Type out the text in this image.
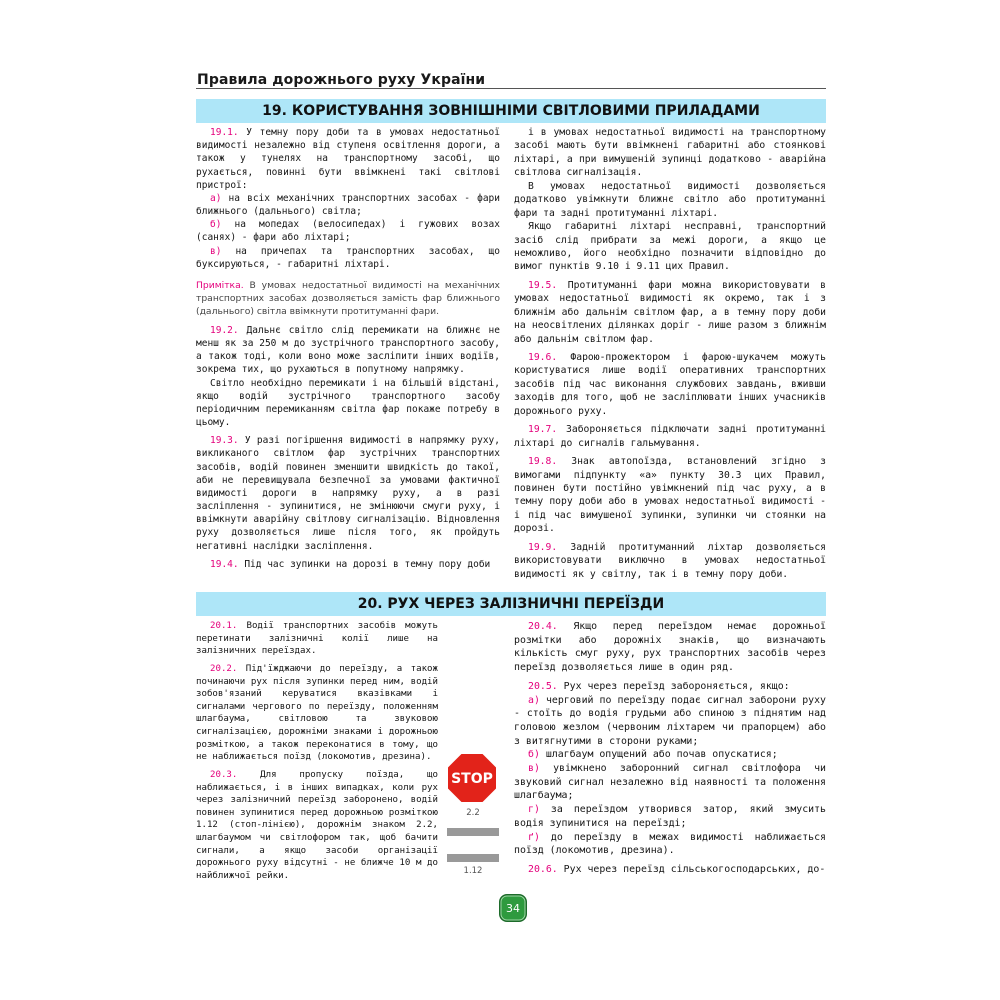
Правила дорожнього руху України
19. КОРИСТУВАННЯ ЗОВНІШНІМИ СВІТЛОВИМИ ПРИЛАДАМИ

19.1. У темну пору доби та в умовах недостатньої видимості незалежно від ступеня освітлення дороги, а також у тунелях на транспортному засобі, що рухається, повинні бути ввімкнені такі світлові пристрої:

а) на всіх механічних транспортних засобах - фари ближнього (дальнього) світла;

б) на мопедах (велосипедах) і гужових возах (санях) - фари або ліхтарі;

в) на причепах та транспортних засобах, що буксируються, - габаритні ліхтарі.

Примітка. В умовах недостатньої видимості на механічних транспортних засобах дозволяється замість фар ближнього (дальнього) світла ввімкнути протитуманні фари.

19.2. Дальнє світло слід перемикати на ближнє не менш як за 250 м до зустрічного транспортного засобу, а також тоді, коли воно може засліпити інших водіїв, зокрема тих, що рухаються в попутному напрямку.

Світло необхідно перемикати і на більшій відстані, якщо водій зустрічного транспортного засобу періодичним перемиканням світла фар покаже потребу в цьому.

19.3. У разі погіршення видимості в напрямку руху, викликаного світлом фар зустрічних транспортних засобів, водій повинен зменшити швидкість до такої, аби не перевищувала безпечної за умовами фактичної видимості дороги в напрямку руху, а в разі засліплення - зупинитися, не змінюючи смуги руху, і ввімкнути аварійну світлову сигналізацію. Відновлення руху дозволяється лише після того, як пройдуть негативні наслідки засліплення.

19.4. Під час зупинки на дорозі в темну пору доби

і в умовах недостатньої видимості на транспортному засобі мають бути ввімкнені габаритні або стоянкові ліхтарі, а при вимушеній зупинці додатково - аварійна світлова сигналізація.

В умовах недостатньої видимості дозволяється додатково увімкнути ближнє світло або протитуманні фари та задні протитуманні ліхтарі.

Якщо габаритні ліхтарі несправні, транспортний засіб слід прибрати за межі дороги, а якщо це неможливо, його необхідно позначити відповідно до вимог пунктів 9.10 і 9.11 цих Правил.

19.5. Протитуманні фари можна використовувати в умовах недостатньої видимості як окремо, так і з ближнім або дальнім світлом фар, а в темну пору доби на неосвітлених ділянках доріг - лише разом з ближнім або дальнім світлом фар.

19.6. Фарою-прожектором і фарою-шукачем можуть користуватися лише водії оперативних транспортних засобів під час виконання службових завдань, вживши заходів для того, щоб не засліплювати інших учасників дорожнього руху.

19.7. Забороняється підключати задні протитуманні ліхтарі до сигналів гальмування.

19.8. Знак автопоїзда, встановлений згідно з вимогами підпункту «а» пункту 30.3 цих Правил, повинен бути постійно увімкнений під час руху, а в темну пору доби або в умовах недостатньої видимості - і під час вимушеної зупинки, зупинки чи стоянки на дорозі.

19.9. Задній протитуманний ліхтар дозволяється використовувати виключно в умовах недостатньої видимості як у світлу, так і в темну пору доби.

20. РУХ ЧЕРЕЗ ЗАЛІЗНИЧНІ ПЕРЕЇЗДИ

20.1. Водії транспортних засобів можуть перетинати залізничні колії лише на залізничних переїздах.

20.2. Під'їжджаючи до переїзду, а також починаючи рух після зупинки перед ним, водій зобов'язаний керуватися вказівками і сигналами чергового по переїзду, положенням шлагбаума, світловою та звуковою сигналізацією, дорожніми знаками і дорожньою розміткою, а також переконатися в тому, що не наближається поїзд (локомотив, дрезина).

20.3. Для пропуску поїзда, що наближається, і в інших випадках, коли рух через залізничний переїзд заборонено, водій повинен зупинитися перед дорожньою розміткою 1.12 (стоп-лінією), дорожнім знаком 2.2, шлагбаумом чи світлофором так, щоб бачити сигнали, а якщо засоби організації дорожнього руху відсутні - не ближче 10 м до найближчої рейки.

20.4. Якщо перед переїздом немає дорожньої розмітки або дорожніх знаків, що визначають кількість смуг руху, рух транспортних засобів через переїзд дозволяється лише в один ряд.

20.5. Рух через переїзд забороняється, якщо:

а) черговий по переїзду подає сигнал заборони руху - стоїть до водія грудьми або спиною з піднятим над головою жезлом (червоним ліхтарем чи прапорцем) або з витягнутими в сторони руками;

б) шлагбаум опущений або почав опускатися;

в) увімкнено заборонний сигнал світлофора чи звуковий сигнал незалежно від наявності та положення шлагбаума;

г) за переїздом утворився затор, який змусить водія зупинитися на переїзді;

ґ) до переїзду в межах видимості наближається поїзд (локомотив, дрезина).

20.6. Рух через переїзд сільськогосподарських, до-

STOP
2.2
1.12
34
